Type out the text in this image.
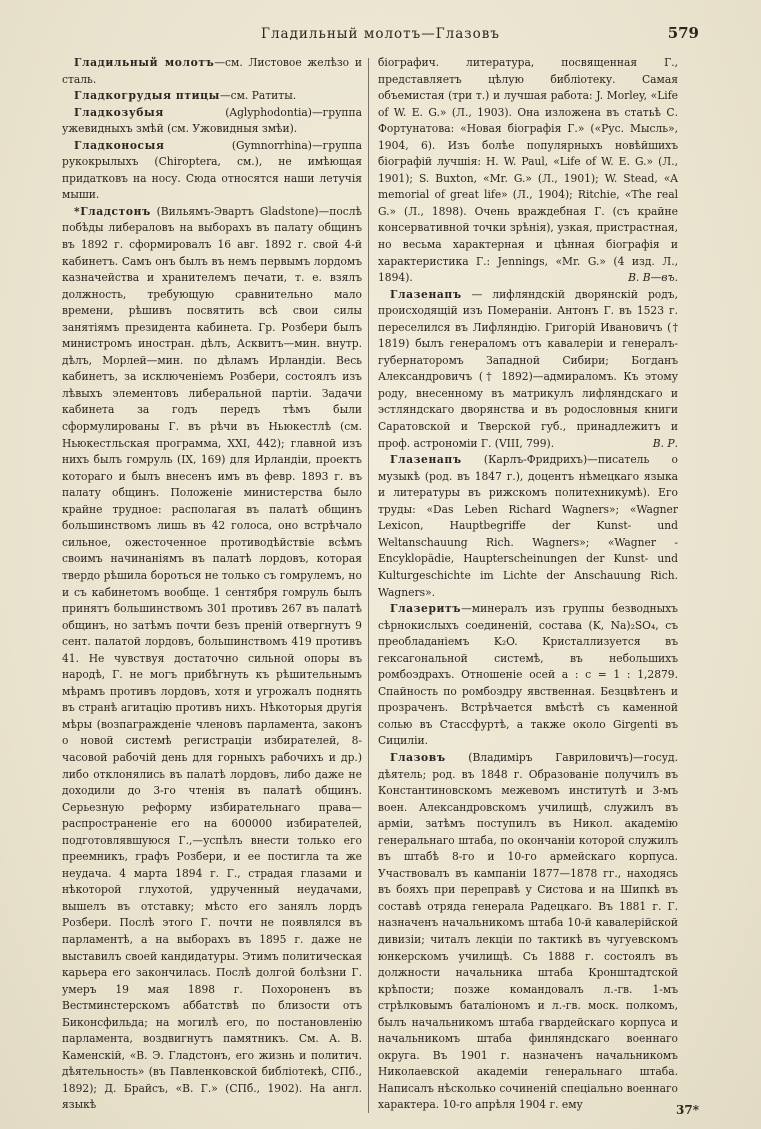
Гладильный молотъ—Глазовъ	579

Гладильный молотъ—см. Листовое желѣзо и сталь.

Гладкогрудыя птицы—см. Ратиты.

Гладкозубыя (Aglyphodontia)—группа ужевидныхъ змѣй (см. Ужовидныя змѣи).

Гладконосыя (Gymnorrhina)—группа рукокрылыхъ (Chiroptera, см.), не имѣющая придатковъ на носу. Сюда относятся наши летучія мыши.

*Гладстонъ (Вильямъ-Эвартъ Gladstone)—послѣ побѣды либераловъ на выборахъ въ палату общинъ въ 1892 г. сформировалъ 16 авг. 1892 г. свой 4-й кабинетъ. Самъ онъ былъ въ немъ первымъ лордомъ казначейства и хранителемъ печати, т. е. взялъ должность, требующую сравнительно мало времени, рѣшивъ посвятить всѣ свои силы занятіямъ президента кабинета. Гр. Розбери былъ министромъ иностран. дѣлъ, Асквитъ—мин. внутр. дѣлъ, Морлей—мин. по дѣламъ Ирландіи. Весь кабинетъ, за исключеніемъ Розбери, состоялъ изъ лѣвыхъ элементовъ либеральной партіи. Задачи кабинета за годъ передъ тѣмъ были сформулированы Г. въ рѣчи въ Ньюкестлѣ (см. Ньюкестльская программа, XXI, 442); главной изъ нихъ былъ гомруль (IX, 169) для Ирландіи, проектъ котораго и былъ внесенъ имъ въ февр. 1893 г. въ палату общинъ. Положеніе министерства было крайне трудное: располагая въ палатѣ общинъ большинствомъ лишь въ 42 голоса, оно встрѣчало сильное, ожесточенное противодѣйствіе всѣмъ своимъ начинаніямъ въ палатѣ лордовъ, которая твердо рѣшила бороться не только съ гомрулемъ, но и съ кабинетомъ вообще. 1 сентября гомруль былъ принятъ большинствомъ 301 противъ 267 въ палатѣ общинъ, но затѣмъ почти безъ преній отвергнутъ 9 сент. палатой лордовъ, большинствомъ 419 противъ 41. Не чувствуя достаточно сильной опоры въ народѣ, Г. не могъ прибѣгнуть къ рѣшительнымъ мѣрамъ противъ лордовъ, хотя и угрожалъ поднять въ странѣ агитацію противъ нихъ. Нѣкоторыя другія мѣры (возпагражденіе членовъ парламента, законъ о новой системѣ регистраціи избирателей, 8-часовой рабочій день для горныхъ рабочихъ и др.) либо отклонялись въ палатѣ лордовъ, либо даже не доходили до 3-го чтенія въ палатѣ общинъ. Серьезную реформу избирательнаго права—распространеніе его на 600000 избирателей, подготовлявшуюся Г.,—успѣлъ внести только его преемникъ, графъ Розбери, и ее постигла та же неудача. 4 марта 1894 г. Г., страдая глазами и нѣкоторой глухотой, удрученный неудачами, вышелъ въ отставку; мѣсто его занялъ лордъ Розбери. Послѣ этого Г. почти не появлялся въ парламентѣ, а на выборахъ въ 1895 г. даже не выставилъ своей кандидатуры. Этимъ политическая карьера его закончилась. Послѣ долгой болѣзни Г. умеръ 19 мая 1898 г. Похороненъ въ Вестминстерскомъ аббатствѣ по близости отъ Биконсфильда; на могилѣ его, по постановленію парламента, воздвигнутъ памятникъ. См. А. В. Каменскій, «В. Э. Гладстонъ, его жизнь и политич. дѣятельность» (въ Павленковской библіотекѣ, СПб., 1892); Д. Брайсъ, «В. Г.» (СПб., 1902). На англ. языкѣ

біографич. литература, посвященная Г., представляетъ цѣлую библіотеку. Самая объемистая (три т.) и лучшая работа: J. Morley, «Life of W. E. G.» (Л., 1903). Она изложена въ статьѣ С. Фортунатова: «Новая біографія Г.» («Рус. Мысль», 1904, 6). Изъ болѣе популярныхъ новѣйшихъ біографій лучшія: H. W. Paul, «Life of W. E. G.» (Л., 1901); S. Buxton, «Mr. G.» (Л., 1901); W. Stead, «A memorial of great life» (Л., 1904); Ritchie, «The real G.» (Л., 1898). Очень враждебная Г. (съ крайне консервативной точки зрѣнія), узкая, пристрастная, но весьма характерная и цѣнная біографія и характеристика Г.: Jennings, «Mr. G.» (4 изд. Л., 1894).	В. В—въ.

Глазенапъ — лифляндскій дворянскій родъ, происходящій изъ Помераніи. Антонъ Г. въ 1523 г. переселился въ Лифляндію. Григорій Ивановичъ († 1819) былъ генераломъ отъ кавалеріи и генералъ-губернаторомъ Западной Сибири; Богданъ Александровичъ († 1892)—адмираломъ. Къ этому роду, внесенному въ матрикулъ лифляндскаго и эстляндскаго дворянства и въ родословныя книги Саратовской и Тверской губ., принадлежитъ и проф. астрономіи Г. (VIII, 799).	В. Р.

Глазенапъ (Карлъ-Фридрихъ)—писатель о музыкѣ (род. въ 1847 г.), доцентъ нѣмецкаго языка и литературы въ рижскомъ политехникумѣ). Его труды: «Das Leben Richard Wagners»; «Wagner Lexicon, Hauptbegriffe der Kunst- und Weltanschauung Rich. Wagners»; «Wagner - Encyklopädie, Haupterscheinungen der Kunst- und Kulturgeschichte im Lichte der Anschauung Rich. Wagners».

Глазеритъ—минералъ изъ группы безводныхъ сѣрнокислыхъ соединеній, состава (K, Na)₂SO₄, съ преобладаніемъ K₂O. Кристаллизуется въ гексагональной системѣ, въ небольшихъ ромбоэдрахъ. Отношеніе осей a : c = 1 : 1,2879. Спайность по ромбоэдру явственная. Безцвѣтенъ и прозраченъ. Встрѣчается вмѣстѣ съ каменной солью въ Стассфуртѣ, а также около Girgenti въ Сициліи.

Глазовъ (Владиміръ Гавриловичъ)—госуд. дѣятель; род. въ 1848 г. Образованіе получилъ въ Константиновскомъ межевомъ институтѣ и 3-мъ воен. Александровскомъ училищѣ, служилъ въ арміи, затѣмъ поступилъ въ Никол. академію генеральнаго штаба, по окончаніи которой служилъ въ штабѣ 8-го и 10-го армейскаго корпуса. Участвовалъ въ кампаніи 1877—1878 гг., находясь въ бояхъ при переправѣ у Систова и на Шипкѣ въ составѣ отряда генерала Радецкаго. Въ 1881 г. Г. назначенъ начальникомъ штаба 10-й кавалерійской дивизіи; читалъ лекціи по тактикѣ въ чугуевскомъ юнкерскомъ училищѣ. Съ 1888 г. состоялъ въ должности начальника штаба Кронштадтской крѣпости; позже командовалъ л.-гв. 1-мъ стрѣлковымъ баталіономъ и л.-гв. моск. полкомъ, былъ начальникомъ штаба гвардейскаго корпуса и начальникомъ штаба финляндскаго военнаго округа. Въ 1901 г. назначенъ начальникомъ Николаевской академіи генеральнаго штаба. Написалъ нѣсколько сочиненій спеціально военнаго характера. 10-го апрѣля 1904 г. ему	37*
